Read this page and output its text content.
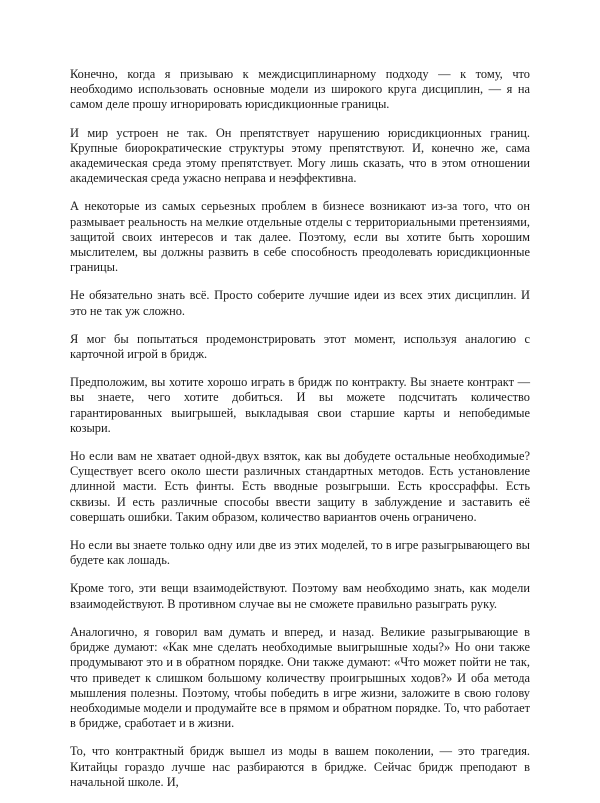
Конечно, когда я призываю к междисциплинарному подходу — к тому, что необходимо использовать основные модели из широкого круга дисциплин, — я на самом деле прошу игнорировать юрисдикционные границы.

И мир устроен не так. Он препятствует нарушению юрисдикционных границ. Крупные биорократические структуры этому препятствуют. И, конечно же, сама академическая среда этому препятствует. Могу лишь сказать, что в этом отношении академическая среда ужасно неправа и неэффективна.

А некоторые из самых серьезных проблем в бизнесе возникают из-за того, что он размывает реальность на мелкие отдельные отделы с территориальными претензиями, защитой своих интересов и так далее. Поэтому, если вы хотите быть хорошим мыслителем, вы должны развить в себе способность преодолевать юрисдикционные границы.

Не обязательно знать всё. Просто соберите лучшие идеи из всех этих дисциплин. И это не так уж сложно.

Я мог бы попытаться продемонстрировать этот момент, используя аналогию с карточной игрой в бридж.

Предположим, вы хотите хорошо играть в бридж по контракту. Вы знаете контракт — вы знаете, чего хотите добиться. И вы можете подсчитать количество гарантированных выигрышей, выкладывая свои старшие карты и непобедимые козыри.

Но если вам не хватает одной-двух взяток, как вы добудете остальные необходимые? Существует всего около шести различных стандартных методов. Есть установление длинной масти. Есть финты. Есть вводные розыгрыши. Есть кроссраффы. Есть сквизы. И есть различные способы ввести защиту в заблуждение и заставить её совершать ошибки. Таким образом, количество вариантов очень ограничено.

Но если вы знаете только одну или две из этих моделей, то в игре разыгрывающего вы будете как лошадь.

Кроме того, эти вещи взаимодействуют. Поэтому вам необходимо знать, как модели взаимодействуют. В противном случае вы не сможете правильно разыграть руку.

Аналогично, я говорил вам думать и вперед, и назад. Великие разыгрывающие в бридже думают: «Как мне сделать необходимые выигрышные ходы?» Но они также продумывают это и в обратном порядке. Они также думают: «Что может пойти не так, что приведет к слишком большому количеству проигрышных ходов?» И оба метода мышления полезны. Поэтому, чтобы победить в игре жизни, заложите в свою голову необходимые модели и продумайте все в прямом и обратном порядке. То, что работает в бридже, сработает и в жизни.

То, что контрактный бридж вышел из моды в вашем поколении, — это трагедия. Китайцы гораздо лучше нас разбираются в бридже. Сейчас бридж преподают в начальной школе. И,
